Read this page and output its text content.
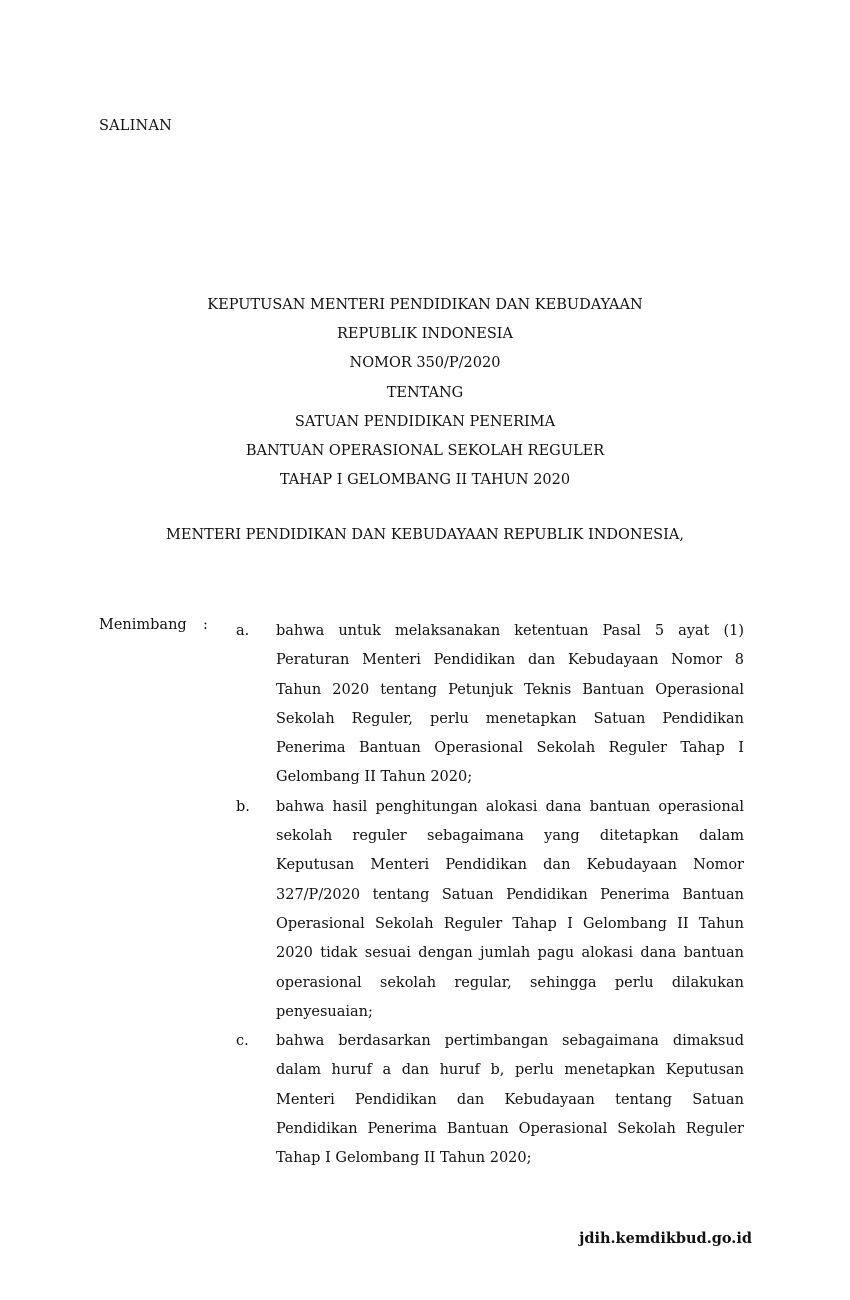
SALINAN
KEPUTUSAN MENTERI PENDIDIKAN DAN KEBUDAYAAN
REPUBLIK INDONESIA
NOMOR 350/P/2020
TENTANG
SATUAN PENDIDIKAN PENERIMA
BANTUAN OPERASIONAL SEKOLAH REGULER
TAHAP I GELOMBANG II TAHUN 2020
MENTERI PENDIDIKAN DAN KEBUDAYAAN REPUBLIK INDONESIA,
Menimbang : a. bahwa untuk melaksanakan ketentuan Pasal 5 ayat (1) Peraturan Menteri Pendidikan dan Kebudayaan Nomor 8 Tahun 2020 tentang Petunjuk Teknis Bantuan Operasional Sekolah Reguler, perlu menetapkan Satuan Pendidikan Penerima Bantuan Operasional Sekolah Reguler Tahap I Gelombang II Tahun 2020;
b. bahwa hasil penghitungan alokasi dana bantuan operasional sekolah reguler sebagaimana yang ditetapkan dalam Keputusan Menteri Pendidikan dan Kebudayaan Nomor 327/P/2020 tentang Satuan Pendidikan Penerima Bantuan Operasional Sekolah Reguler Tahap I Gelombang II Tahun 2020 tidak sesuai dengan jumlah pagu alokasi dana bantuan operasional sekolah regular, sehingga perlu dilakukan penyesuaian;
c. bahwa berdasarkan pertimbangan sebagaimana dimaksud dalam huruf a dan huruf b, perlu menetapkan Keputusan Menteri Pendidikan dan Kebudayaan tentang Satuan Pendidikan Penerima Bantuan Operasional Sekolah Reguler Tahap I Gelombang II Tahun 2020;
jdih.kemdikbud.go.id
